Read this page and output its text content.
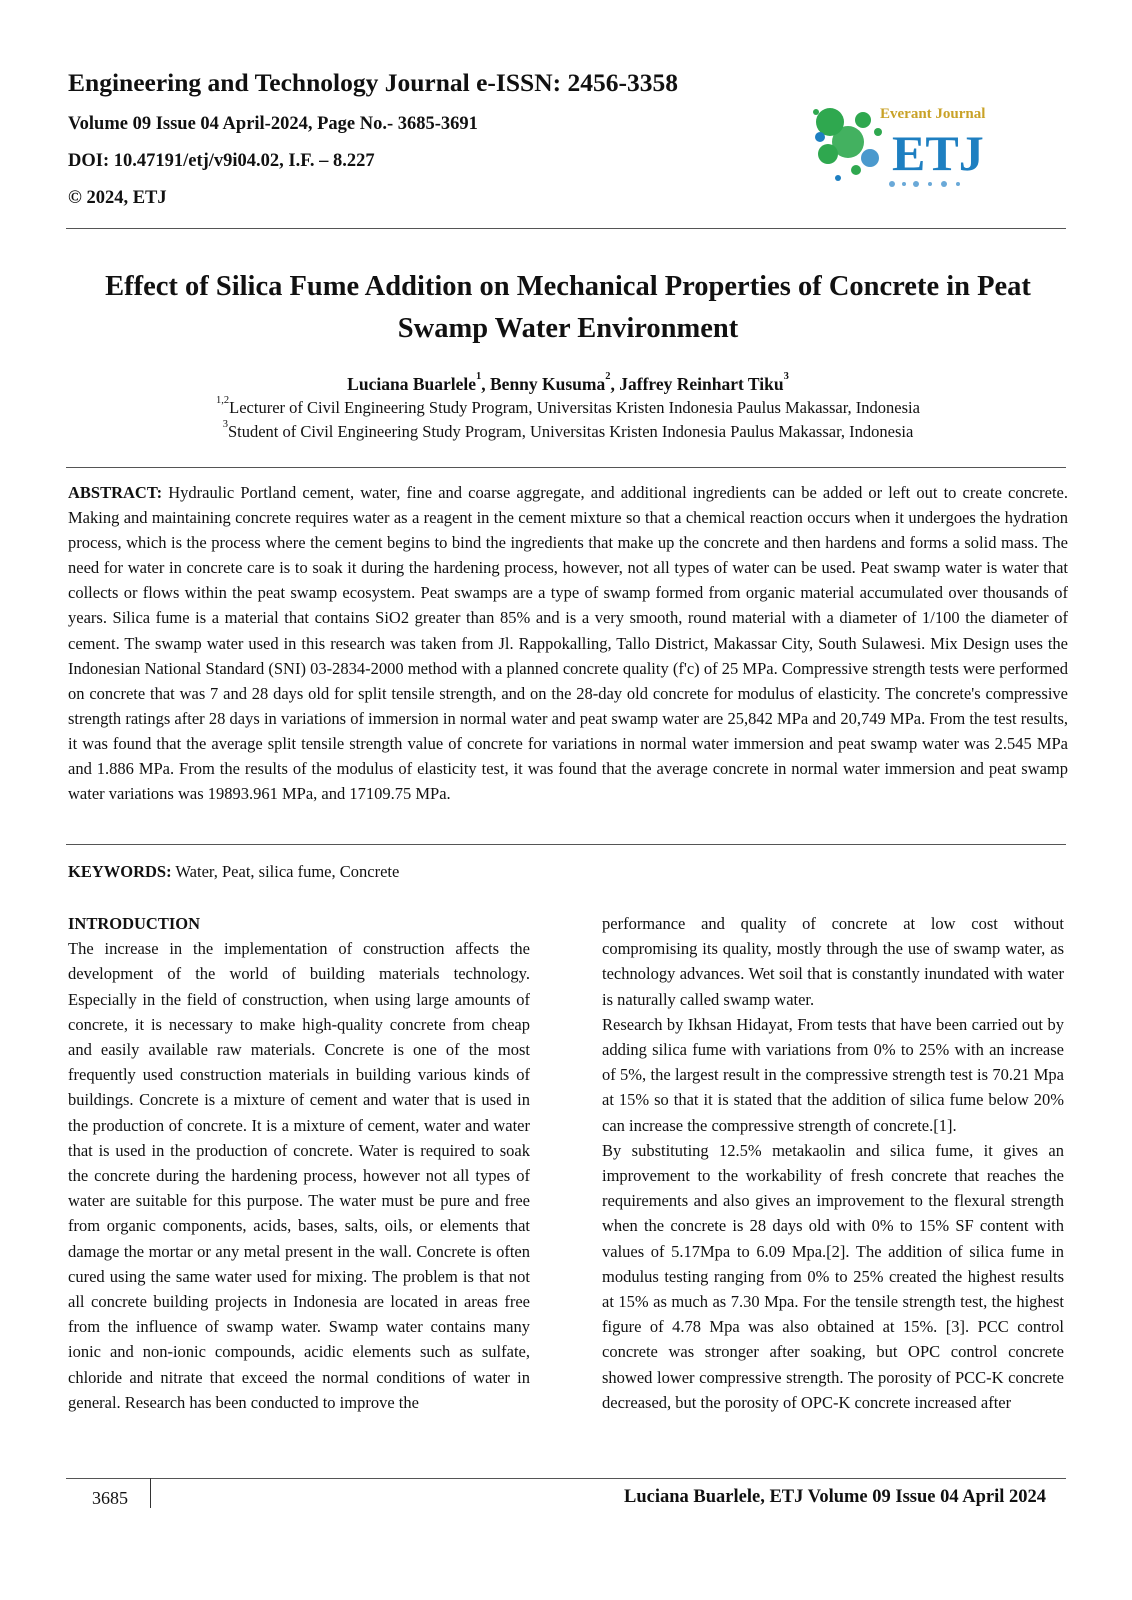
Engineering and Technology Journal e-ISSN: 2456-3358
Volume 09 Issue 04 April-2024, Page No.- 3685-3691
DOI: 10.47191/etj/v9i04.02, I.F. – 8.227
© 2024, ETJ
Everant Journal
ETJ
Effect of Silica Fume Addition on Mechanical Properties of Concrete in Peat Swamp Water Environment
Luciana Buarlele$^1$, Benny Kusuma$^2$, Jaffrey Reinhart Tiku$^3$
$^{1,2}$Lecturer of Civil Engineering Study Program, Universitas Kristen Indonesia Paulus Makassar, Indonesia
$^3$Student of Civil Engineering Study Program, Universitas Kristen Indonesia Paulus Makassar, Indonesia
ABSTRACT: Hydraulic Portland cement, water, fine and coarse aggregate, and additional ingredients can be added or left out to create concrete. Making and maintaining concrete requires water as a reagent in the cement mixture so that a chemical reaction occurs when it undergoes the hydration process, which is the process where the cement begins to bind the ingredients that make up the concrete and then hardens and forms a solid mass. The need for water in concrete care is to soak it during the hardening process, however, not all types of water can be used. Peat swamp water is water that collects or flows within the peat swamp ecosystem. Peat swamps are a type of swamp formed from organic material accumulated over thousands of years. Silica fume is a material that contains SiO2 greater than 85% and is a very smooth, round material with a diameter of 1/100 the diameter of cement. The swamp water used in this research was taken from Jl. Rappokalling, Tallo District, Makassar City, South Sulawesi. Mix Design uses the Indonesian National Standard (SNI) 03-2834-2000 method with a planned concrete quality (f'c) of 25 MPa. Compressive strength tests were performed on concrete that was 7 and 28 days old for split tensile strength, and on the 28-day old concrete for modulus of elasticity. The concrete's compressive strength ratings after 28 days in variations of immersion in normal water and peat swamp water are 25,842 MPa and 20,749 MPa. From the test results, it was found that the average split tensile strength value of concrete for variations in normal water immersion and peat swamp water was 2.545 MPa and 1.886 MPa. From the results of the modulus of elasticity test, it was found that the average concrete in normal water immersion and peat swamp water variations was 19893.961 MPa, and 17109.75 MPa.
KEYWORDS: Water, Peat, silica fume, Concrete

INTRODUCTION

The increase in the implementation of construction affects the development of the world of building materials technology. Especially in the field of construction, when using large amounts of concrete, it is necessary to make high-quality concrete from cheap and easily available raw materials. Concrete is one of the most frequently used construction materials in building various kinds of buildings. Concrete is a mixture of cement and water that is used in the production of concrete. It is a mixture of cement, water and water that is used in the production of concrete. Water is required to soak the concrete during the hardening process, however not all types of water are suitable for this purpose. The water must be pure and free from organic components, acids, bases, salts, oils, or elements that damage the mortar or any metal present in the wall. Concrete is often cured using the same water used for mixing. The problem is that not all concrete building projects in Indonesia are located in areas free from the influence of swamp water. Swamp water contains many ionic and non-ionic compounds, acidic elements such as sulfate, chloride and nitrate that exceed the normal conditions of water in general. Research has been conducted to improve the

performance and quality of concrete at low cost without compromising its quality, mostly through the use of swamp water, as technology advances. Wet soil that is constantly inundated with water is naturally called swamp water.

Research by Ikhsan Hidayat, From tests that have been carried out by adding silica fume with variations from 0% to 25% with an increase of 5%, the largest result in the compressive strength test is 70.21 Mpa at 15% so that it is stated that the addition of silica fume below 20% can increase the compressive strength of concrete.[1].

By substituting 12.5% metakaolin and silica fume, it gives an improvement to the workability of fresh concrete that reaches the requirements and also gives an improvement to the flexural strength when the concrete is 28 days old with 0% to 15% SF content with values of 5.17Mpa to 6.09 Mpa.[2]. The addition of silica fume in modulus testing ranging from 0% to 25% created the highest results at 15% as much as 7.30 Mpa. For the tensile strength test, the highest figure of 4.78 Mpa was also obtained at 15%. [3]. PCC control concrete was stronger after soaking, but OPC control concrete showed lower compressive strength. The porosity of PCC-K concrete decreased, but the porosity of OPC-K concrete increased after

3685	Luciana Buarlele, ETJ Volume 09 Issue 04 April 2024
